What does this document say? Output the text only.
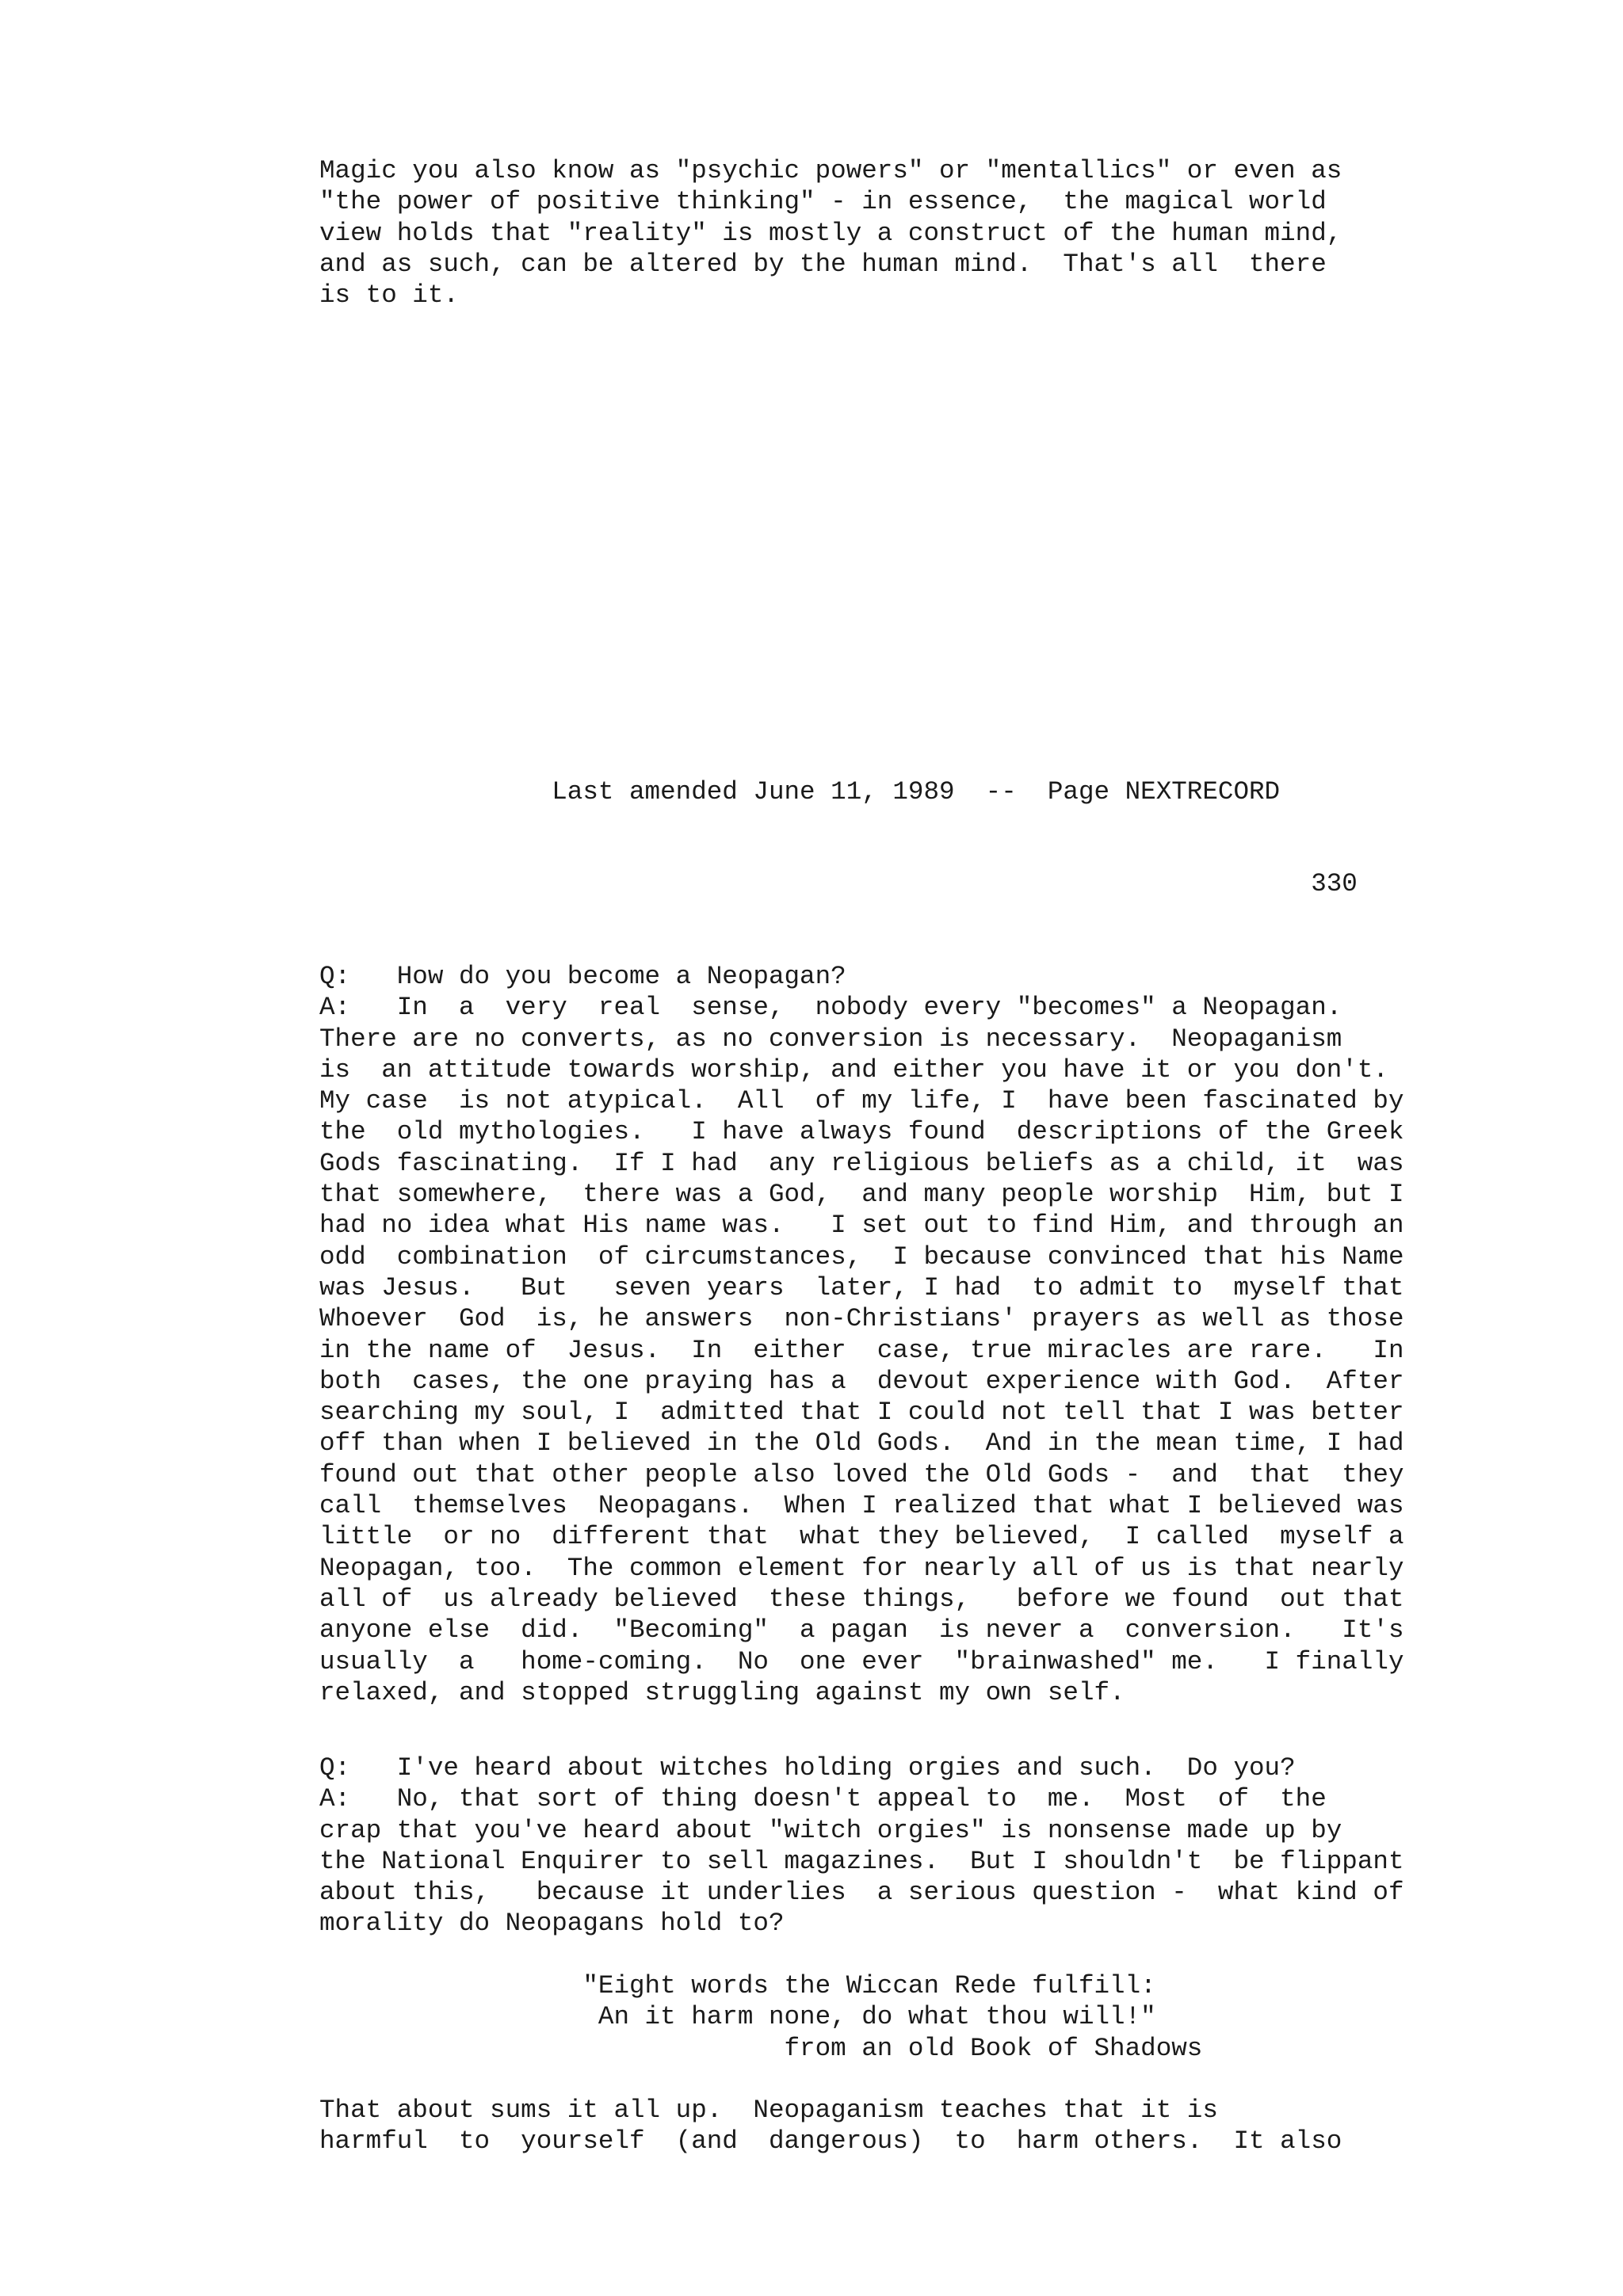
Magic you also know as "psychic powers" or "mentallics" or even as
"the power of positive thinking" - in essence,  the magical world
view holds that "reality" is mostly a construct of the human mind,
and as such, can be altered by the human mind.  That's all  there
is to it.
Last amended June 11, 1989  --  Page NEXTRECORD
330
Q:   How do you become a Neopagan?
A:   In  a  very  real  sense,  nobody every "becomes" a Neopagan.
There are no converts, as no conversion is necessary.  Neopaganism
is  an attitude towards worship, and either you have it or you don't.
My case  is not atypical.  All  of my life, I  have been fascinated by
the  old mythologies.   I have always found  descriptions of the Greek
Gods fascinating.  If I had  any religious beliefs as a child, it  was
that somewhere,  there was a God,  and many people worship  Him, but I
had no idea what His name was.   I set out to find Him, and through an
odd  combination  of circumstances,  I because convinced that his Name
was Jesus.   But   seven years  later, I had  to admit to  myself that
Whoever  God  is, he answers  non-Christians' prayers as well as those
in the name of  Jesus.  In  either  case, true miracles are rare.   In
both  cases, the one praying has a  devout experience with God.  After
searching my soul, I  admitted that I could not tell that I was better
off than when I believed in the Old Gods.  And in the mean time, I had
found out that other people also loved the Old Gods -  and  that  they
call  themselves  Neopagans.  When I realized that what I believed was
little  or no  different that  what they believed,  I called  myself a
Neopagan, too.  The common element for nearly all of us is that nearly
all of  us already believed  these things,   before we found  out that
anyone else  did.  "Becoming"  a pagan  is never a  conversion.   It's
usually  a   home-coming.  No  one ever  "brainwashed" me.   I finally
relaxed, and stopped struggling against my own self.
Q:   I've heard about witches holding orgies and such.  Do you?
A:   No, that sort of thing doesn't appeal to  me.  Most  of  the
crap that you've heard about "witch orgies" is nonsense made up by
the National Enquirer to sell magazines.  But I shouldn't  be flippant
about this,   because it underlies  a serious question -  what kind of
morality do Neopagans hold to?
"Eight words the Wiccan Rede fulfill:
An it harm none, do what thou will!"
from an old Book of Shadows
That about sums it all up.  Neopaganism teaches that it is
harmful  to  yourself  (and  dangerous)  to  harm others.  It also
